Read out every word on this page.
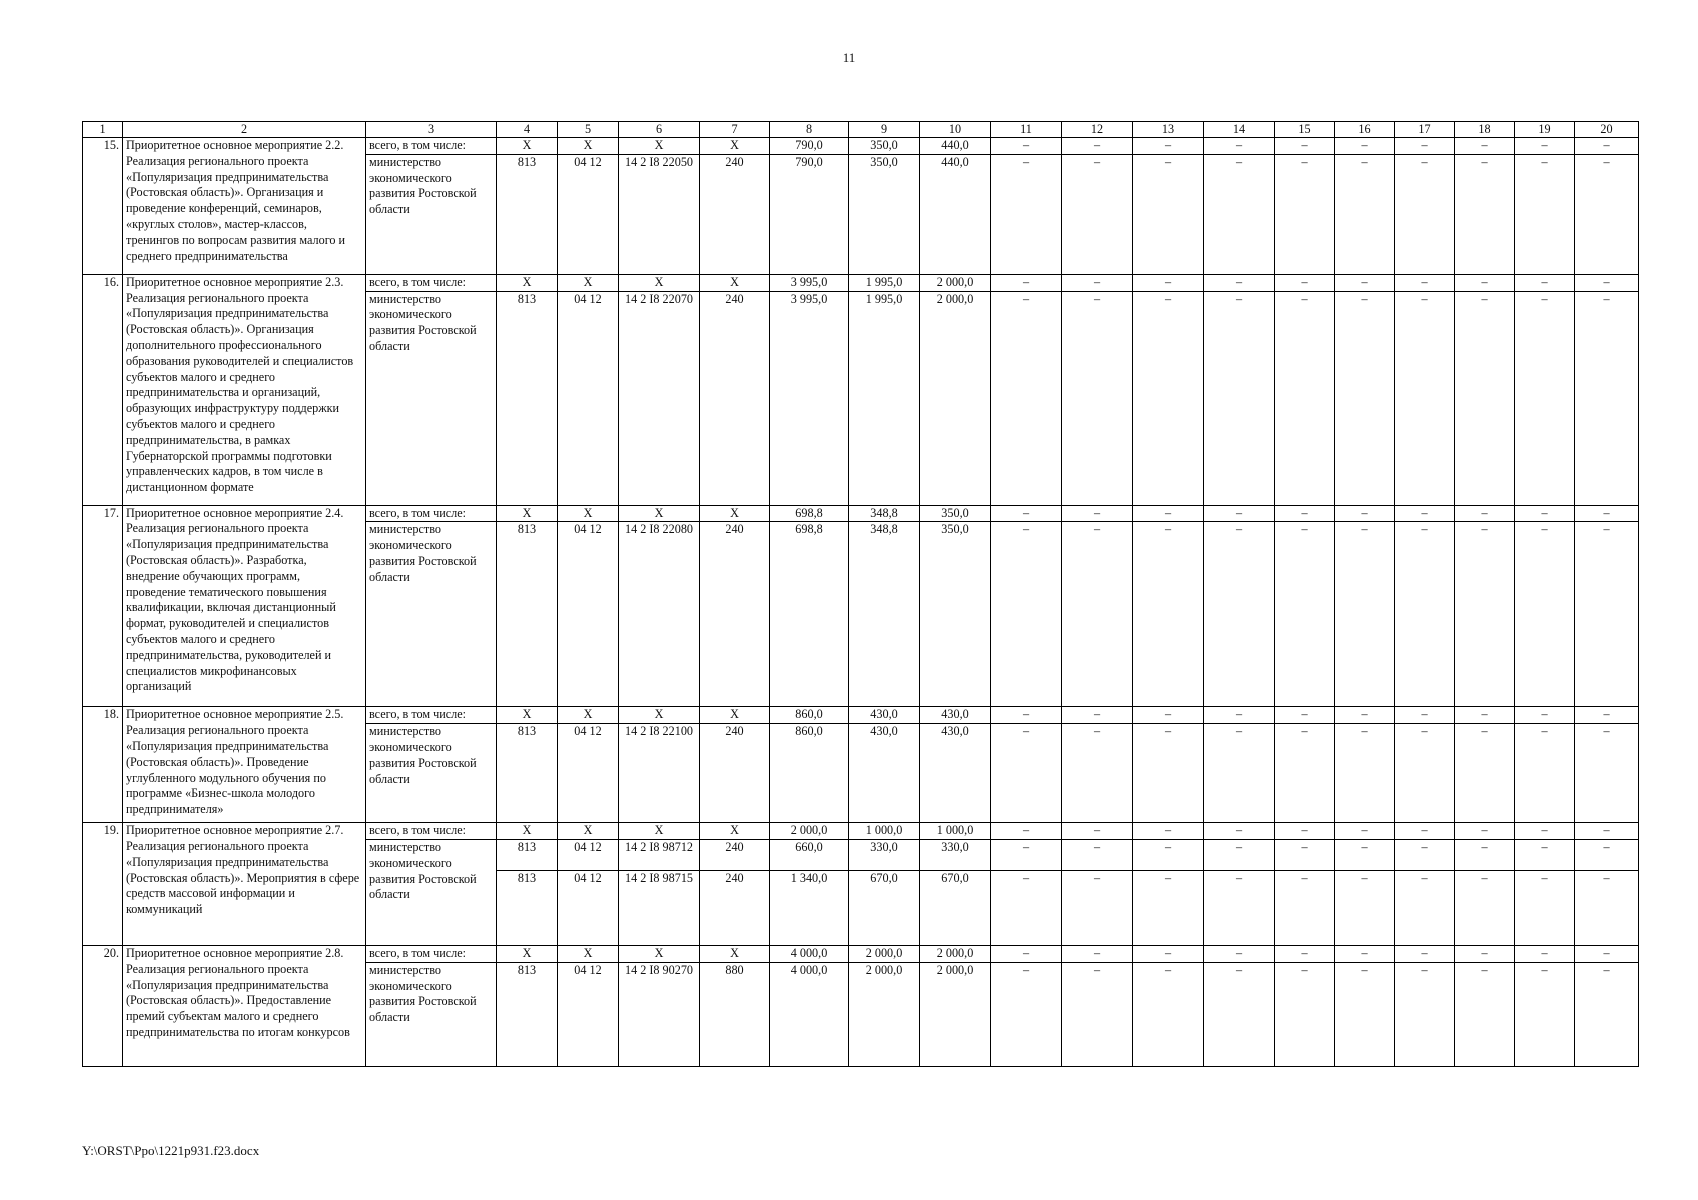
11
1	2	3	4	5	6	7	8	9	10	11	12	13	14	15	16	17	18	19	20
15.	Приоритетное основное мероприятие 2.2. Реализация регионального проекта «Популяризация предпринимательства (Ростовская область)». Организация и проведение конференций, семинаров, «круглых столов», мастер-классов, тренингов по вопросам развития малого и среднего предпринимательства	всего, в том числе:	Х	Х	Х	Х	790,0	350,0	440,0	–	–	–	–	–	–	–	–	–	–
		министерство экономического развития Ростовской области	813	04 12	14 2 I8 22050	240	790,0	350,0	440,0	–	–	–	–	–	–	–	–	–	–
16.	Приоритетное основное мероприятие 2.3. Реализация регионального проекта «Популяризация предпринимательства (Ростовская область)». Организация дополнительного профессионального образования руководителей и специалистов субъектов малого и среднего предпринимательства и организаций, образующих инфраструктуру поддержки субъектов малого и среднего предпринимательства, в рамках Губернаторской программы подготовки управленческих кадров, в том числе в дистанционном формате	всего, в том числе:	Х	Х	Х	Х	3 995,0	1 995,0	2 000,0	–	–	–	–	–	–	–	–	–	–
		министерство экономического развития Ростовской области	813	04 12	14 2 I8 22070	240	3 995,0	1 995,0	2 000,0	–	–	–	–	–	–	–	–	–	–
17.	Приоритетное основное мероприятие 2.4. Реализация регионального проекта «Популяризация предпринимательства (Ростовская область)». Разработка, внедрение обучающих программ, проведение тематического повышения квалификации, включая дистанционный формат, руководителей и специалистов субъектов малого и среднего предпринимательства, руководителей и специалистов микрофинансовых организаций	всего, в том числе:	Х	Х	Х	Х	698,8	348,8	350,0	–	–	–	–	–	–	–	–	–	–
		министерство экономического развития Ростовской области	813	04 12	14 2 I8 22080	240	698,8	348,8	350,0	–	–	–	–	–	–	–	–	–	–
18.	Приоритетное основное мероприятие 2.5. Реализация регионального проекта «Популяризация предпринимательства (Ростовская область)». Проведение углубленного модульного обучения по программе «Бизнес-школа молодого предпринимателя»	всего, в том числе:	Х	Х	Х	Х	860,0	430,0	430,0	–	–	–	–	–	–	–	–	–	–
		министерство экономического развития Ростовской области	813	04 12	14 2 I8 22100	240	860,0	430,0	430,0	–	–	–	–	–	–	–	–	–	–
19.	Приоритетное основное мероприятие 2.7. Реализация регионального проекта «Популяризация предпринимательства (Ростовская область)». Мероприятия в сфере средств массовой информации и коммуникаций	всего, в том числе:	Х	Х	Х	Х	2 000,0	1 000,0	1 000,0	–	–	–	–	–	–	–	–	–	–
		министерство экономического развития Ростовской области	813	04 12	14 2 I8 98712	240	660,0	330,0	330,0	–	–	–	–	–	–	–	–	–	–
			813	04 12	14 2 I8 98715	240	1 340,0	670,0	670,0	–	–	–	–	–	–	–	–	–	–
20.	Приоритетное основное мероприятие 2.8. Реализация регионального проекта «Популяризация предпринимательства (Ростовская область)». Предоставление премий субъектам малого и среднего предпринимательства по итогам конкурсов	всего, в том числе:	Х	Х	Х	Х	4 000,0	2 000,0	2 000,0	–	–	–	–	–	–	–	–	–	–
		министерство экономического развития Ростовской области	813	04 12	14 2 I8 90270	880	4 000,0	2 000,0	2 000,0	–	–	–	–	–	–	–	–	–	–
Y:\ORST\Ppo\1221p931.f23.docx
